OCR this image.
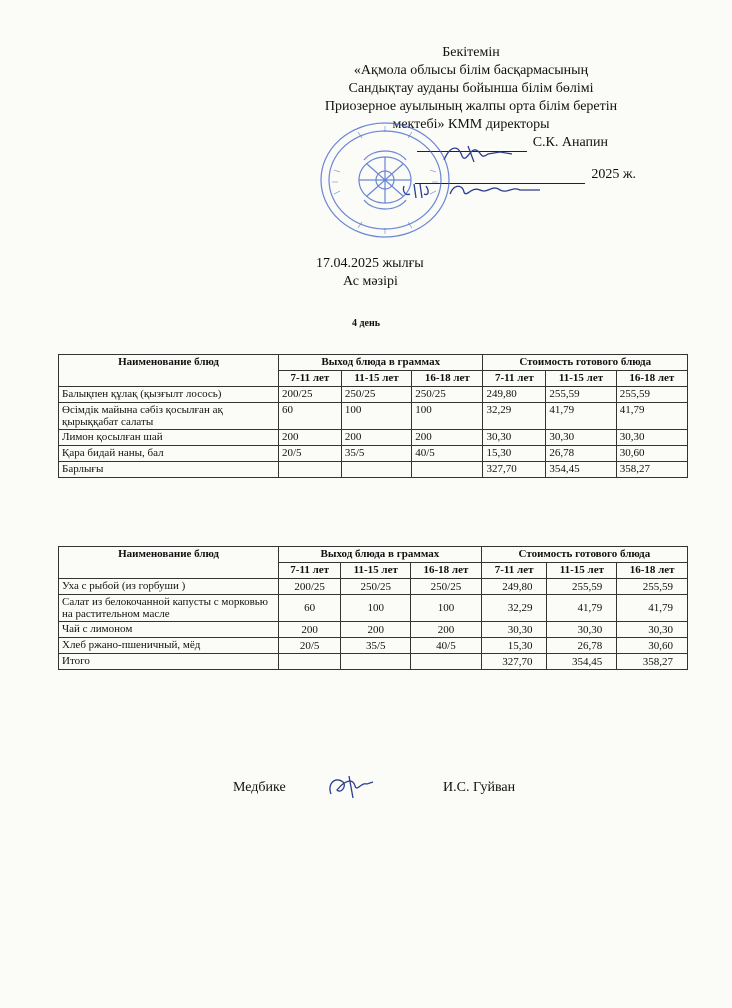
Бекітемін
«Ақмола облысы білім басқармасының
Сандықтау ауданы бойынша білім бөлімі
Приозерное ауылының жалпы орта білім беретін
мектебі» КММ директоры
С.К. Анапин
2025 ж.
17.04.2025 жылғы
Ас мәзірі
4 день
Наименование блюд	Выход блюда в граммах			Стоимость готового блюда		
	7-11 лет	11-15 лет	16-18 лет	7-11 лет	11-15 лет	16-18 лет
Балықпен құлақ (қызғылт лосось)	200/25	250/25	250/25	249,80	255,59	255,59
Өсімдік майына сәбіз қосылған ақ қырыққабат салаты	60	100	100	32,29	41,79	41,79
Лимон қосылған шай	200	200	200	30,30	30,30	30,30
Қара бидай наны, бал	20/5	35/5	40/5	15,30	26,78	30,60
Барлығы				327,70	354,45	358,27
Наименование блюд	Выход блюда в граммах			Стоимость готового блюда		
	7-11 лет	11-15 лет	16-18 лет	7-11 лет	11-15 лет	16-18 лет
Уха с рыбой (из горбуши )	200/25	250/25	250/25	249,80	255,59	255,59
Салат из белокочанной капусты с морковью на растительном масле	60	100	100	32,29	41,79	41,79
Чай с лимоном	200	200	200	30,30	30,30	30,30
Хлеб ржано-пшеничный, мёд	20/5	35/5	40/5	15,30	26,78	30,60
Итого				327,70	354,45	358,27
Медбике	И.С. Гуйван
